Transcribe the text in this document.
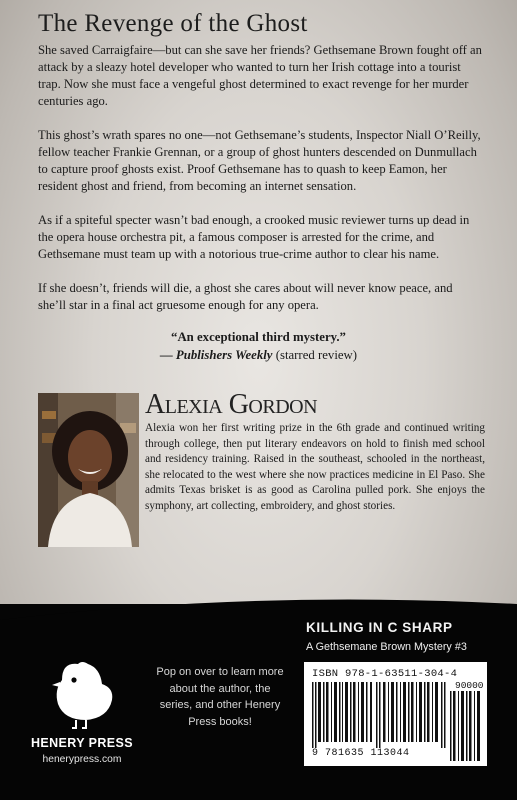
The Revenge of the Ghost

She saved Carraigfaire—but can she save her friends? Gethsemane Brown fought off an attack by a sleazy hotel developer who wanted to turn her Irish cottage into a tourist trap. Now she must face a vengeful ghost determined to exact revenge for her murder centuries ago.

This ghost’s wrath spares no one—not Gethsemane’s students, Inspector Niall O’Reilly, fellow teacher Frankie Grennan, or a group of ghost hunters descended on Dunmullach to capture proof ghosts exist. Proof Gethsemane has to quash to keep Eamon, her resident ghost and friend, from becoming an internet sensation.

As if a spiteful specter wasn’t bad enough, a crooked music reviewer turns up dead in the opera house orchestra pit, a famous composer is arrested for the crime, and Gethsemane must team up with a notorious true-crime author to clear his name.

If she doesn’t, friends will die, a ghost she cares about will never know peace, and she’ll star in a final act gruesome enough for any opera.

“An exceptional third mystery.”
— Publishers Weekly (starred review)
Alexia Gordon
Alexia won her first writing prize in the 6th grade and continued writing through college, then put literary endeavors on hold to finish med school and residency training. Raised in the southeast, schooled in the northeast, she relocated to the west where she now practices medicine in El Paso. She admits Texas brisket is as good as Carolina pulled pork. She enjoys the symphony, art collecting, embroidery, and ghost stories.
KILLING IN C SHARP
A Gethsemane Brown Mystery #3
ISBN 978-1-63511-304-4
90000
9 781635 113044
HENERY PRESS
henerypress.com
Pop on over to learn more about the author, the series, and other Henery Press books!
